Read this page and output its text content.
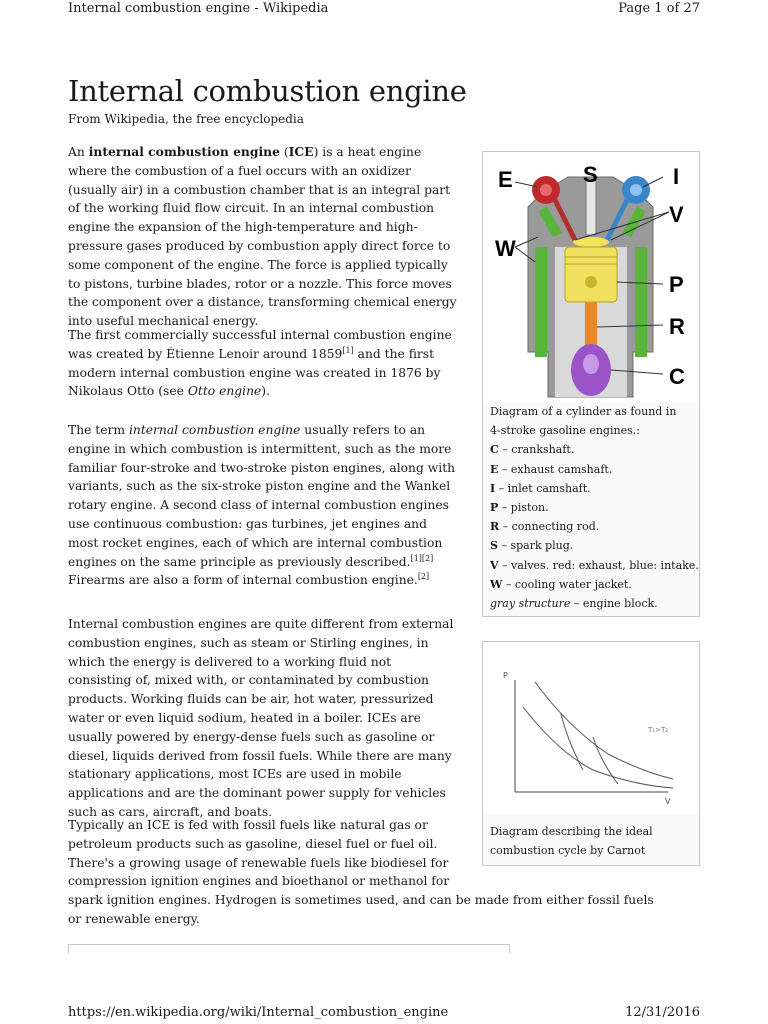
Internal combustion engine - Wikipedia	Page 1 of 27
Internal combustion engine
From Wikipedia, the free encyclopedia

An internal combustion engine (ICE) is a heat engine where the combustion of a fuel occurs with an oxidizer (usually air) in a combustion chamber that is an integral part of the working fluid flow circuit. In an internal combustion engine the expansion of the high-temperature and high-pressure gases produced by combustion apply direct force to some component of the engine. The force is applied typically to pistons, turbine blades, rotor or a nozzle. This force moves the component over a distance, transforming chemical energy into useful mechanical energy.

The first commercially successful internal combustion engine was created by Étienne Lenoir around 1859[1] and the first modern internal combustion engine was created in 1876 by Nikolaus Otto (see Otto engine).

The term internal combustion engine usually refers to an engine in which combustion is intermittent, such as the more familiar four-stroke and two-stroke piston engines, along with variants, such as the six-stroke piston engine and the Wankel rotary engine. A second class of internal combustion engines use continuous combustion: gas turbines, jet engines and most rocket engines, each of which are internal combustion engines on the same principle as previously described.[1][2] Firearms are also a form of internal combustion engine.[2]

Internal combustion engines are quite different from external combustion engines, such as steam or Stirling engines, in which the energy is delivered to a working fluid not consisting of, mixed with, or contaminated by combustion products. Working fluids can be air, hot water, pressurized water or even liquid sodium, heated in a boiler. ICEs are usually powered by energy-dense fuels such as gasoline or diesel, liquids derived from fossil fuels. While there are many stationary applications, most ICEs are used in mobile applications and are the dominant power supply for vehicles such as cars, aircraft, and boats.

Typically an ICE is fed with fossil fuels like natural gas or petroleum products such as gasoline, diesel fuel or fuel oil. There's a growing usage of renewable fuels like biodiesel for compression ignition engines and bioethanol or methanol for

spark ignition engines. Hydrogen is sometimes used, and can be made from either fossil fuels or renewable energy.

E	S	I
V
W
P
R
C
Diagram of a cylinder as found in 4-stroke gasoline engines.:
C – crankshaft.
E – exhaust camshaft.
I – inlet camshaft.
P – piston.
R – connecting rod.
S – spark plug.
V – valves. red: exhaust, blue: intake.
W – cooling water jacket.
gray structure – engine block.
P
V
T₁>T₂
Diagram describing the ideal combustion cycle by Carnot
https://en.wikipedia.org/wiki/Internal_combustion_engine	12/31/2016
